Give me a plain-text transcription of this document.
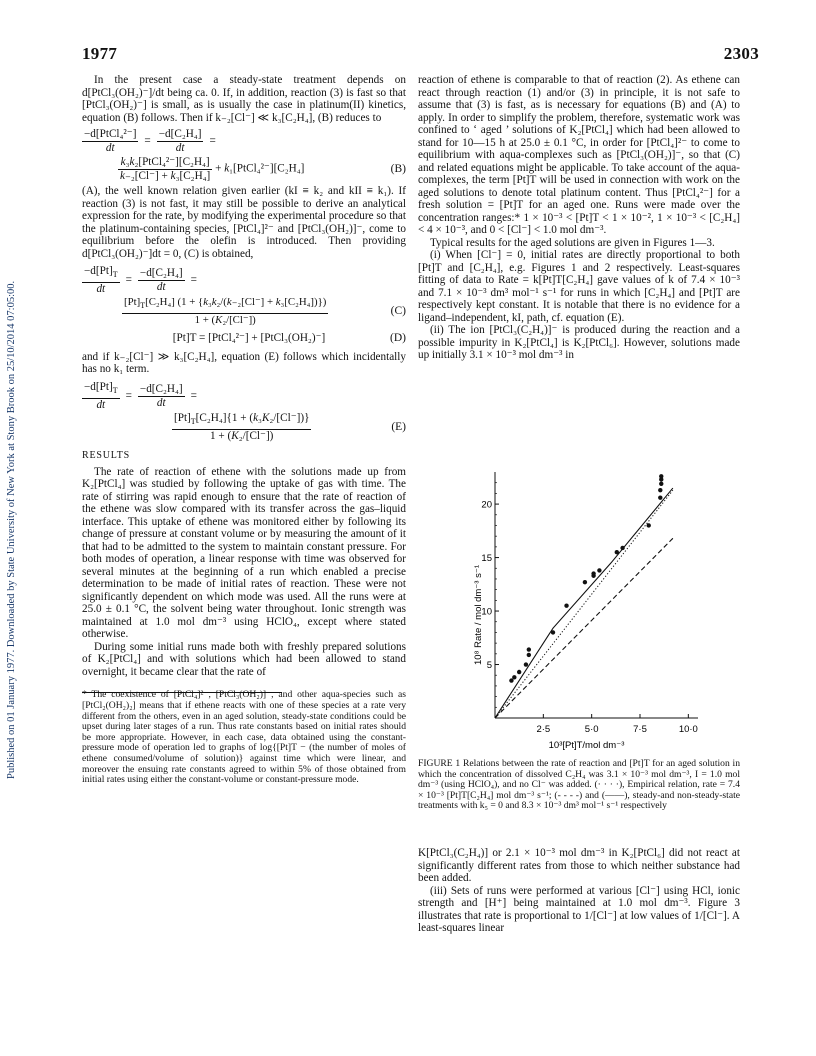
1977	2303
Published on 01 January 1977. Downloaded by State University of New York at Stony Brook on 25/10/2014 07:05:00.

In the present case a steady-state treatment depends on d[PtCl₃(OH₂)⁻]/dt being ca. 0. If, in addition, reaction (3) is fast so that [PtCl₃(OH₂)⁻] is small, as is usually the case in platinum(II) kinetics, equation (B) follows. Then if k₋₂[Cl⁻] ≪ k₃[C₂H₄], (B) reduces to

$\frac{\text{−d[PtCl₄²⁻]}}{dt} = \frac{\text{−d[C₂H₄]}}{dt}$ =
$\frac{\text{k₃k₂[PtCl₄²⁻][C₂H₄]}}{\text{k₋₂[Cl⁻] + k₃[C₂H₄]}}$ + k₁[PtCl₄²⁻][C₂H₄]	(B)

(A), the well known relation given earlier (kI ≡ k₂ and kII ≡ k₁). If reaction (3) is not fast, it may still be possible to derive an analytical expression for the rate, by modifying the experimental procedure so that the platinum-containing species, [PtCl₄]²⁻ and [PtCl₃(OH₂)]⁻, come to equilibrium before the olefin is introduced. Then providing d[PtCl₃(OH₂)⁻]dt = 0, (C) is obtained,

$\frac{-d[Pt]_T}{dt} = \frac{\text{−d[C₂H₄]}}{dt}$ =
$\frac{[Pt]_T[C_2H_4] (1 + \{k_3k_2/(k_{-2}[Cl^-] + k_3[C_2H_4])\})}{\text{1 + (K₂/[Cl⁻])}}$	(C)
[Pt]T = [PtCl₄²⁻] + [PtCl₃(OH₂)⁻]	(D)

and if k₋₂[Cl⁻] ≫ k₃[C₂H₄], equation (E) follows which incidentally has no k₁ term.

$\frac{-d[Pt]_T}{dt} = \frac{\text{−d[C₂H₄]}}{dt}$ =
$\frac{[Pt]_T[C_2H_4]\{1 + (k_3K_2/[Cl^-])\}}{\text{1 + (K₂/[Cl⁻])}}$	(E)
RESULTS

The rate of reaction of ethene with the solutions made up from K₂[PtCl₄] was studied by following the uptake of gas with time. The rate of stirring was rapid enough to ensure that the rate of reaction of the ethene was slow compared with its transfer across the gas–liquid interface. This uptake of ethene was monitored either by following its change of pressure at constant volume or by measuring the amount of it that had to be admitted to the system to maintain constant pressure. For both modes of operation, a linear response with time was observed for several minutes at the beginning of a run which enabled a precise determination to be made of initial rates of reaction. These were not significantly dependent on which mode was used. All the runs were at 25.0 ± 0.1 °C, the solvent being water throughout. Ionic strength was maintained at 1.0 mol dm⁻³ using HClO₄, except where stated otherwise.

During some initial runs made both with freshly prepared solutions of K₂[PtCl₄] and with solutions which had been allowed to stand overnight, it became clear that the rate of

* The coexistence of [PtCl₄]²⁻, [PtCl₃(OH₂)]⁻, and other aqua-species such as [PtCl₂(OH₂)₂] means that if ethene reacts with one of these species at a rate very different from the others, even in an aged solution, steady-state conditions could be upset during later stages of a run. Thus rate constants based on initial rates should be more appropriate. However, in each case, data obtained using the constant-pressure mode of operation led to graphs of log{[Pt]T − (the number of moles of ethene consumed/volume of solution)} against time which were linear, and moreover the ensuing rate constants agreed to within 5% of those obtained from initial rates using either the constant-volume or constant-pressure mode.

reaction of ethene is comparable to that of reaction (2). As ethene can react through reaction (1) and/or (3) in principle, it is not safe to assume that (3) is fast, as is necessary for equations (B) and (A) to apply. In order to simplify the problem, therefore, systematic work was confined to ‘ aged ’ solutions of K₂[PtCl₄] which had been allowed to stand for 10—15 h at 25.0 ± 0.1 °C, in order for [PtCl₄]²⁻ to come to equilibrium with aqua-complexes such as [PtCl₃(OH₂)]⁻, so that (C) and related equations might be applicable. To take account of the aqua-complexes, the term [Pt]T will be used in connection with work on the aged solutions to denote total platinum content. Thus [PtCl₄²⁻] for a fresh solution = [Pt]T for an aged one. Runs were made over the concentration ranges:* 1 × 10⁻³ < [Pt]T < 1 × 10⁻², 1 × 10⁻³ < [C₂H₄] < 4 × 10⁻³, and 0 < [Cl⁻] < 1.0 mol dm⁻³.

Typical results for the aged solutions are given in Figures 1—3.

(i) When [Cl⁻] = 0, initial rates are directly proportional to both [Pt]T and [C₂H₄], e.g. Figures 1 and 2 respectively. Least-squares fitting of data to Rate = k[Pt]T[C₂H₄] gave values of k of 7.4 × 10⁻³ and 7.1 × 10⁻³ dm³ mol⁻¹ s⁻¹ for runs in which [C₂H₄] and [Pt]T are respectively kept constant. It is notable that there is no evidence for a ligand–independent, kI, path, cf. equation (E).

(ii) The ion [PtCl₃(C₂H₄)]⁻ is produced during the reaction and a possible impurity in K₂[PtCl₄] is K₂[PtCl₆]. However, solutions made up initially 3.1 × 10⁻³ mol dm⁻³ in

2·5	5·0	7·5	10·0
5
10
15
20
10³[Pt]T/mol dm⁻³
10⁸ Rate / mol dm⁻³ s⁻¹
FIGURE 1 Relations between the rate of reaction and [Pt]T for an aged solution in which the concentration of dissolved C₂H₄ was 3.1 × 10⁻³ mol dm⁻³, I = 1.0 mol dm⁻³ (using HClO₄), and no Cl⁻ was added. (· · · ·), Empirical relation, rate = 7.4 × 10⁻³ [Pt]T[C₂H₄] mol dm⁻³ s⁻¹; (- - - -) and (——), steady-and non-steady-state treatments with k₅ = 0 and 8.3 × 10⁻³ dm³ mol⁻¹ s⁻¹ respectively

K[PtCl₃(C₂H₄)] or 2.1 × 10⁻³ mol dm⁻³ in K₂[PtCl₆] did not react at significantly different rates from those to which neither substance had been added.

(iii) Sets of runs were performed at various [Cl⁻] using HCl, ionic strength and [H⁺] being maintained at 1.0 mol dm⁻³. Figure 3 illustrates that rate is proportional to 1/[Cl⁻] at low values of 1/[Cl⁻]. A least-squares linear
